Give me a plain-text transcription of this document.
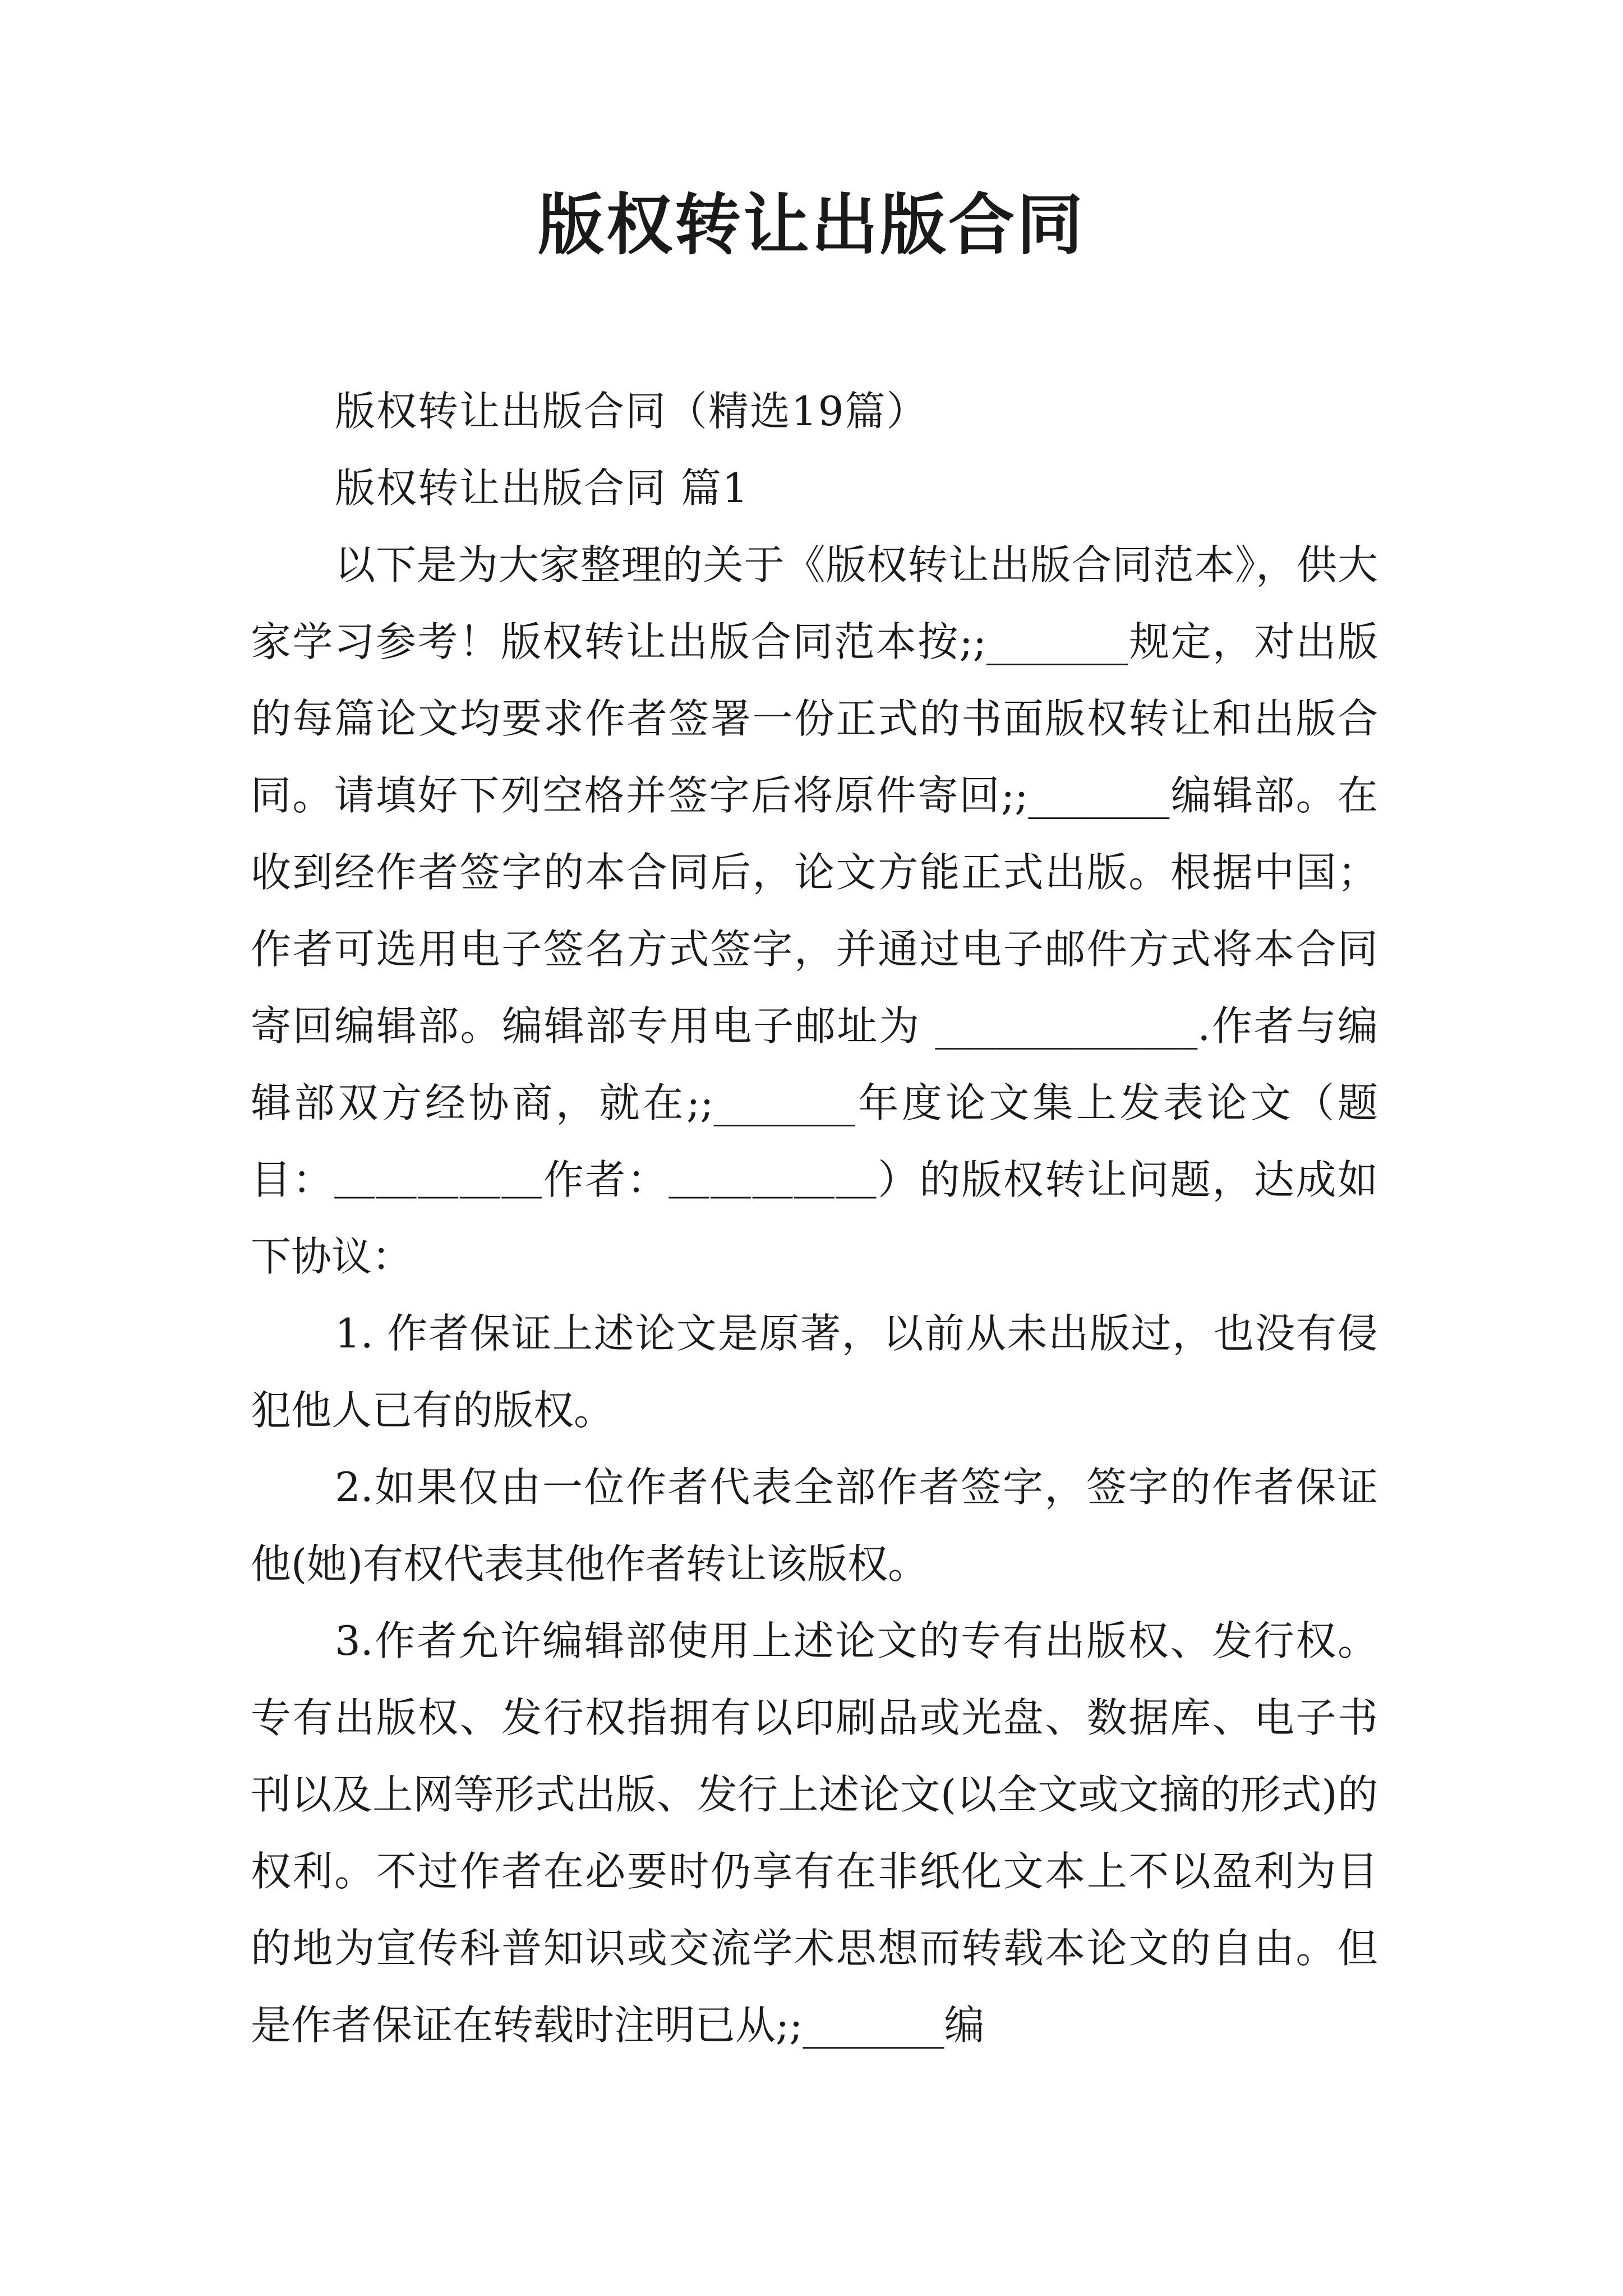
版权转让出版合同

版权转让出版合同（精选19篇）

版权转让出版合同 篇1

以下是为大家整理的关于《版权转让出版合同范本》，供大家学习参考！版权转让出版合同范本按;;_______规定，对出版的每篇论文均要求作者签署一份正式的书面版权转让和出版合同。请填好下列空格并签字后将原件寄回;;_______编辑部。在收到经作者签字的本合同后，论文方能正式出版。根据中国；作者可选用电子签名方式签字，并通过电子邮件方式将本合同寄回编辑部。编辑部专用电子邮址为 _____________.作者与编辑部双方经协商，就在;;_______年度论文集上发表论文（题目：＿＿＿＿＿作者：＿＿＿＿＿）的版权转让问题，达成如下协议：

1. 作者保证上述论文是原著，以前从未出版过，也没有侵犯他人已有的版权。

2.如果仅由一位作者代表全部作者签字，签字的作者保证他(她)有权代表其他作者转让该版权。

3.作者允许编辑部使用上述论文的专有出版权、发行权。专有出版权、发行权指拥有以印刷品或光盘、数据库、电子书刊以及上网等形式出版、发行上述论文(以全文或文摘的形式)的权利。不过作者在必要时仍享有在非纸化文本上不以盈利为目的地为宣传科普知识或交流学术思想而转载本论文的自由。但是作者保证在转载时注明已从;;_______编
